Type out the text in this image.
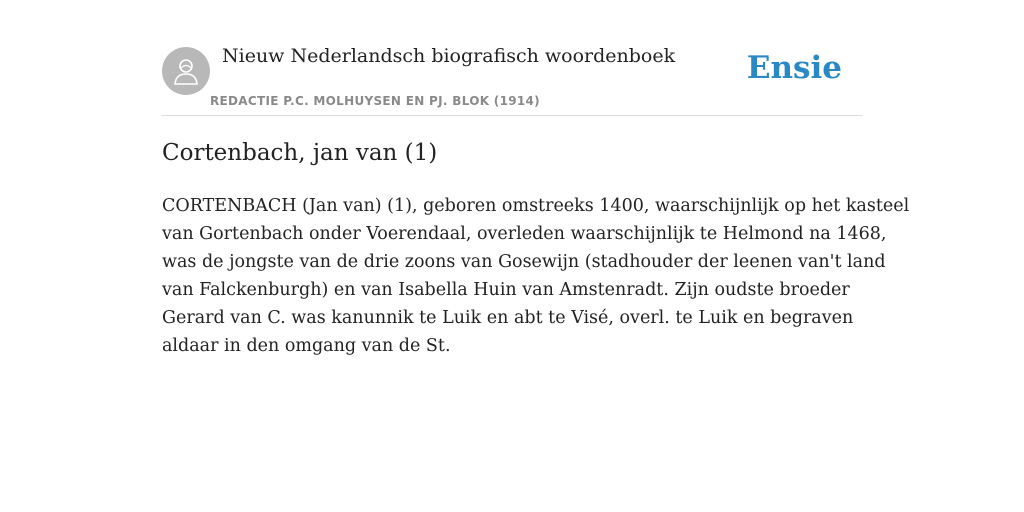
Nieuw Nederlandsch biografisch woordenboek
REDACTIE P.C. MOLHUYSEN EN PJ. BLOK (1914)
Ensie
Cortenbach, jan van (1)

CORTENBACH (Jan van) (1), geboren omstreeks 1400, waarschijnlijk op het kasteel
van Gortenbach onder Voerendaal, overleden waarschijnlijk te Helmond na 1468,
was de jongste van de drie zoons van Gosewijn (stadhouder der leenen van't land
van Falckenburgh) en van Isabella Huin van Amstenradt. Zijn oudste broeder
Gerard van C. was kanunnik te Luik en abt te Visé, overl. te Luik en begraven
aldaar in den omgang van de St.
